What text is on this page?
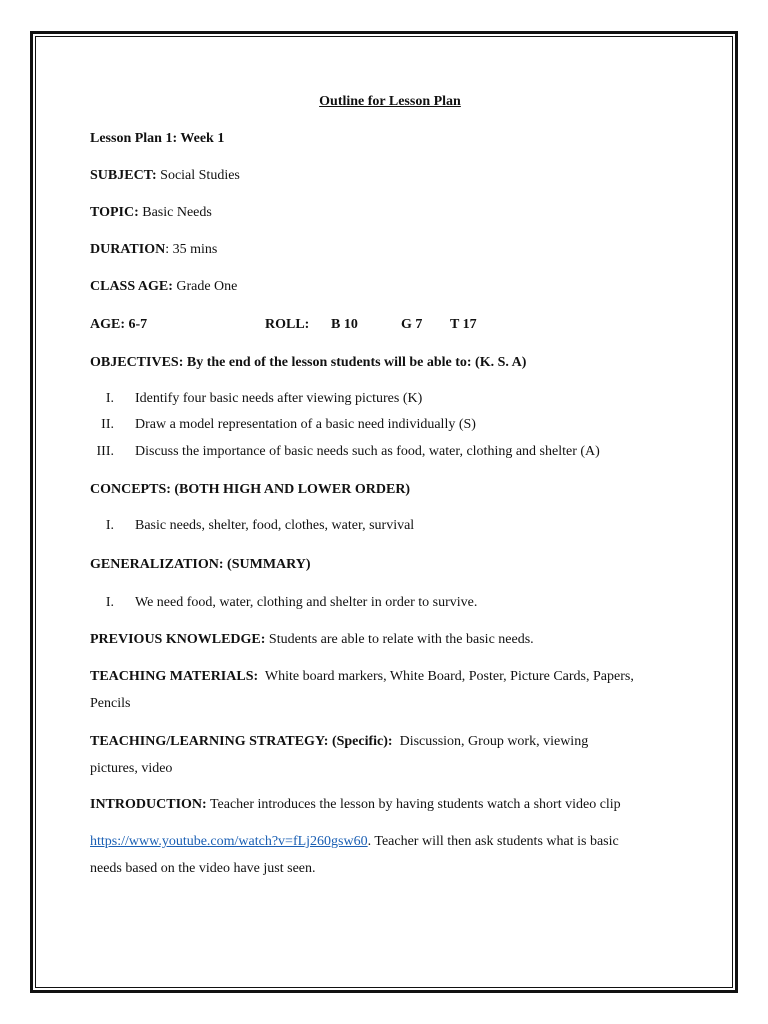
Outline for Lesson Plan
Lesson Plan 1: Week 1
SUBJECT: Social Studies
TOPIC: Basic Needs
DURATION: 35 mins
CLASS AGE: Grade One
AGE: 6-7	ROLL: B 10	G 7 T 17
OBJECTIVES: By the end of the lesson students will be able to: (K. S. A)
I. Identify four basic needs after viewing pictures (K)
II. Draw a model representation of a basic need individually (S)
III. Discuss the importance of basic needs such as food, water, clothing and shelter (A)
CONCEPTS: (BOTH HIGH AND LOWER ORDER)
I. Basic needs, shelter, food, clothes, water, survival
GENERALIZATION: (SUMMARY)
I. We need food, water, clothing and shelter in order to survive.
PREVIOUS KNOWLEDGE: Students are able to relate with the basic needs.
TEACHING MATERIALS: White board markers, White Board, Poster, Picture Cards, Papers,
Pencils
TEACHING/LEARNING STRATEGY: (Specific): Discussion, Group work, viewing
pictures, video
INTRODUCTION: Teacher introduces the lesson by having students watch a short video clip
https://www.youtube.com/watch?v=fLj260gsw60. Teacher will then ask students what is basic
needs based on the video have just seen.
